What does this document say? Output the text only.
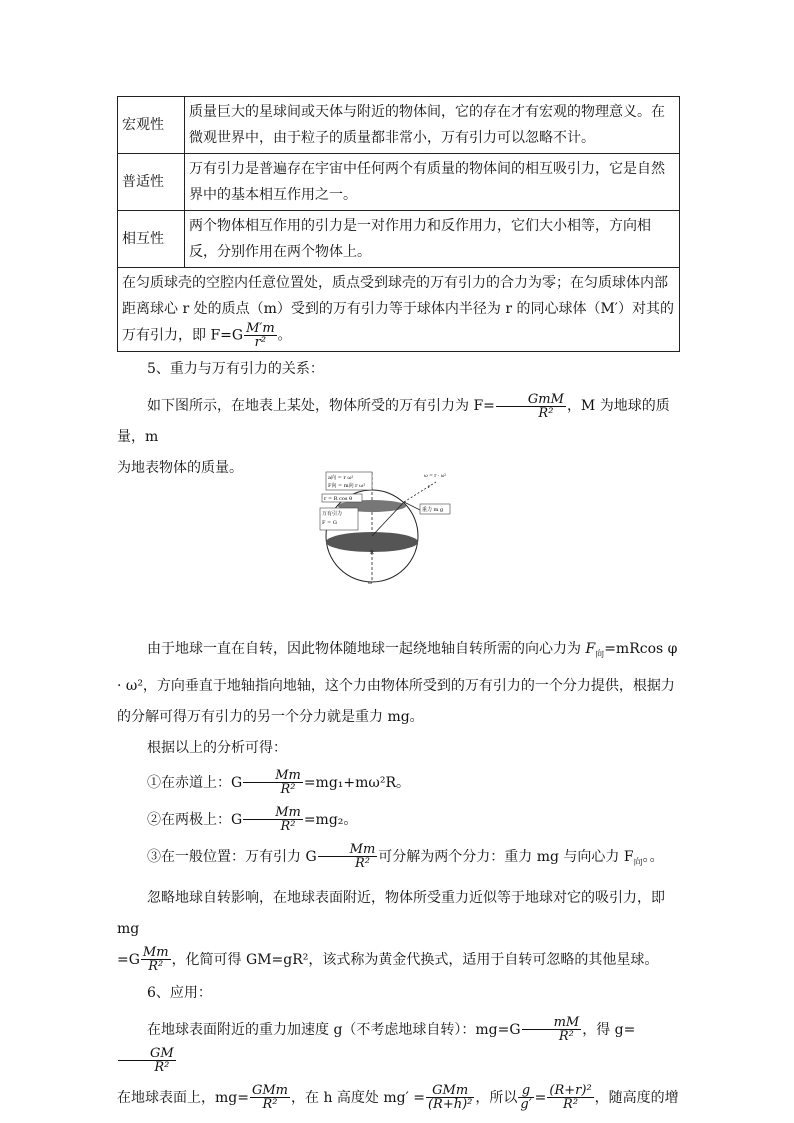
宏观性	质量巨大的星球间或天体与附近的物体间，它的存在才有宏观的物理意义。在微观世界中，由于粒子的质量都非常小，万有引力可以忽略不计。
普适性	万有引力是普遍存在宇宙中任何两个有质量的物体间的相互吸引力，它是自然界中的基本相互作用之一。
相互性	两个物体相互作用的引力是一对作用力和反作用力，它们大小相等，方向相反，分别作用在两个物体上。
在匀质球壳的空腔内任意位置处，质点受到球壳的万有引力的合力为零；在匀质球体内部距离球心 r 处的质点（m）受到的万有引力等于球体内半径为 r 的同心球体（M′）对其的万有引力，即 $F=G \frac{M'm}{\text{r²}}$ 。	

5、重力与万有引力的关系：

如下图所示，在地表上某处，物体所受的万有引力为 $F= \frac{\text{GmM}}{\text{R²}}$ ，M 为地球的质量，m

为地表物体的质量。

由于地球一直在自转，因此物体随地球一起绕地轴自转所需的向心力为 $F_向=mRcos$ φ · ω²，方向垂直于地轴指向地轴，这个力由物体所受到的万有引力的一个分力提供，根据力的分解可得万有引力的另一个分力就是重力 mg。

根据以上的分析可得：

①在赤道上：G $\frac{Mm}{\text{R²}} =mg_1+m\omega^2R$。

②在两极上：G $\frac{Mm}{\text{R²}} =mg_2$。

③在一般位置：万有引力 G $\frac{Mm}{\text{R²}}$ 可分解为两个分力：重力 mg 与向心力 $F_向$。。

忽略地球自转影响，在地球表面附近，物体所受重力近似等于地球对它的吸引力，即 mg

$=G \frac{Mm}{\text{R²}}$ ，化简可得 GM=gR²，该式称为黄金代换式，适用于自转可忽略的其他星球。

6、应用：

在地球表面附近的重力加速度 g（不考虑地球自转）：$mg=G \frac{mM}{\text{R²}}$ ，得 g=
$\frac{GM}{\text{R²}}$

在地球表面上，$mg= \frac{\text{GMm}}{\text{R²}}$ ，在 h 高度处 $mg' = \frac{\text{GMm}}{\text{(R+h)²}}$ ，所以 $\frac{g}{g'} = \frac{\text{(R+r)²}}{\text{R²}}$ ，随高度的增

a向 = r ω²
F向 = m向 r ω²
r = R cos θ
万有引力
F = G
重力 m g
ω = r · ω²
r
R
ω
